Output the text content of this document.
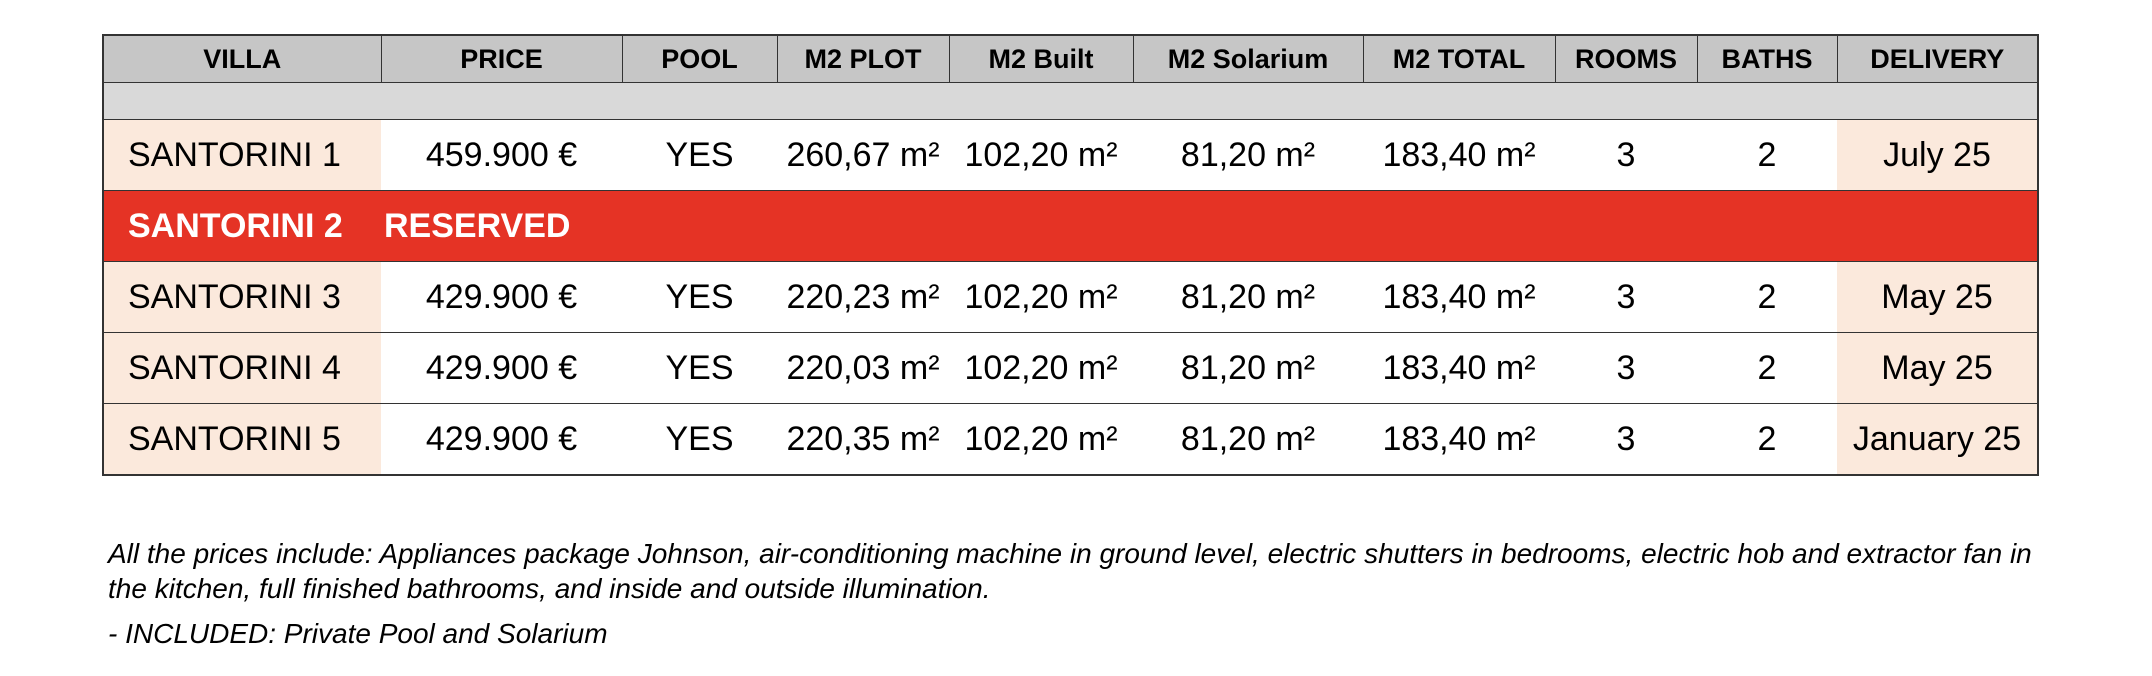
VILLA	PRICE	POOL	M2 PLOT	M2 Built	M2 Solarium	M2 TOTAL	ROOMS	BATHS	DELIVERY

SANTORINI 1	459.900 €	YES	260,67 m²	102,20 m²	81,20 m²	183,40 m²	3	2	July 25
SANTORINI 2 RESERVED									
SANTORINI 3	429.900 €	YES	220,23 m²	102,20 m²	81,20 m²	183,40 m²	3	2	May 25
SANTORINI 4	429.900 €	YES	220,03 m²	102,20 m²	81,20 m²	183,40 m²	3	2	May 25
SANTORINI 5	429.900 €	YES	220,35 m²	102,20 m²	81,20 m²	183,40 m²	3	2	January 25

All the prices include: Appliances package Johnson, air-conditioning machine in ground level, electric shutters in bedrooms, electric hob and extractor fan in the kitchen, full finished bathrooms, and inside and outside illumination.

- INCLUDED: Private Pool and Solarium
